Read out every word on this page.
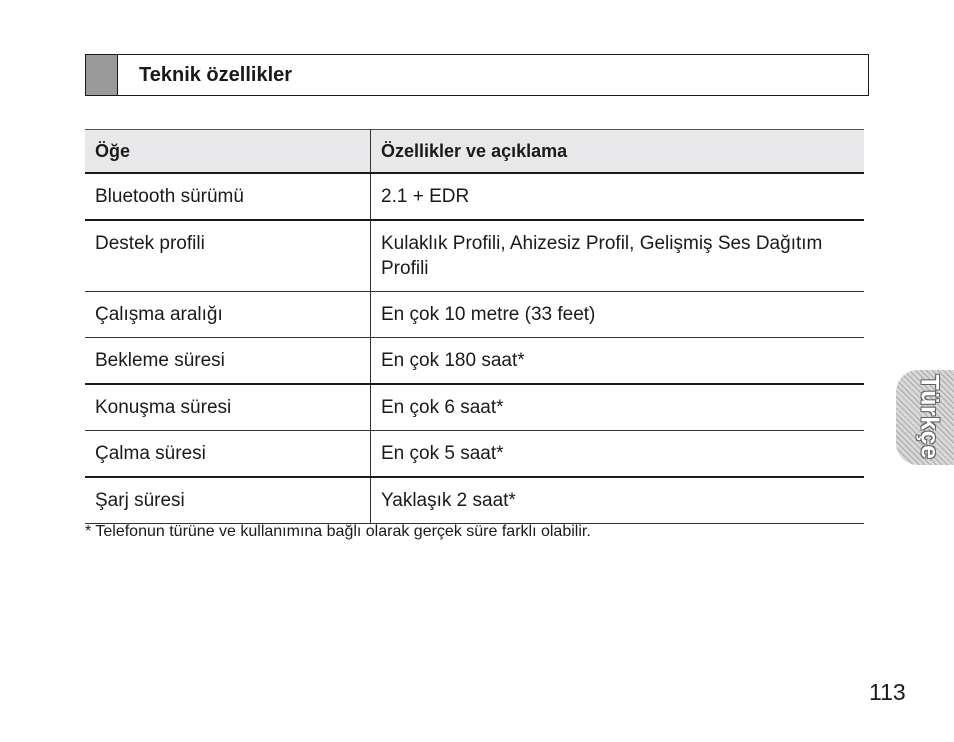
Teknik özellikler
Öğe	Özellikler ve açıklama
Bluetooth sürümü	2.1 + EDR
Destek profili	Kulaklık Profili, Ahizesiz Profil, Gelişmiş Ses Dağıtım Profili
Çalışma aralığı	En çok 10 metre (33 feet)
Bekleme süresi	En çok 180 saat*
Konuşma süresi	En çok 6 saat*
Çalma süresi	En çok 5 saat*
Şarj süresi	Yaklaşık 2 saat*
* Telefonun türüne ve kullanımına bağlı olarak gerçek süre farklı olabilir.
Türkçe
113
